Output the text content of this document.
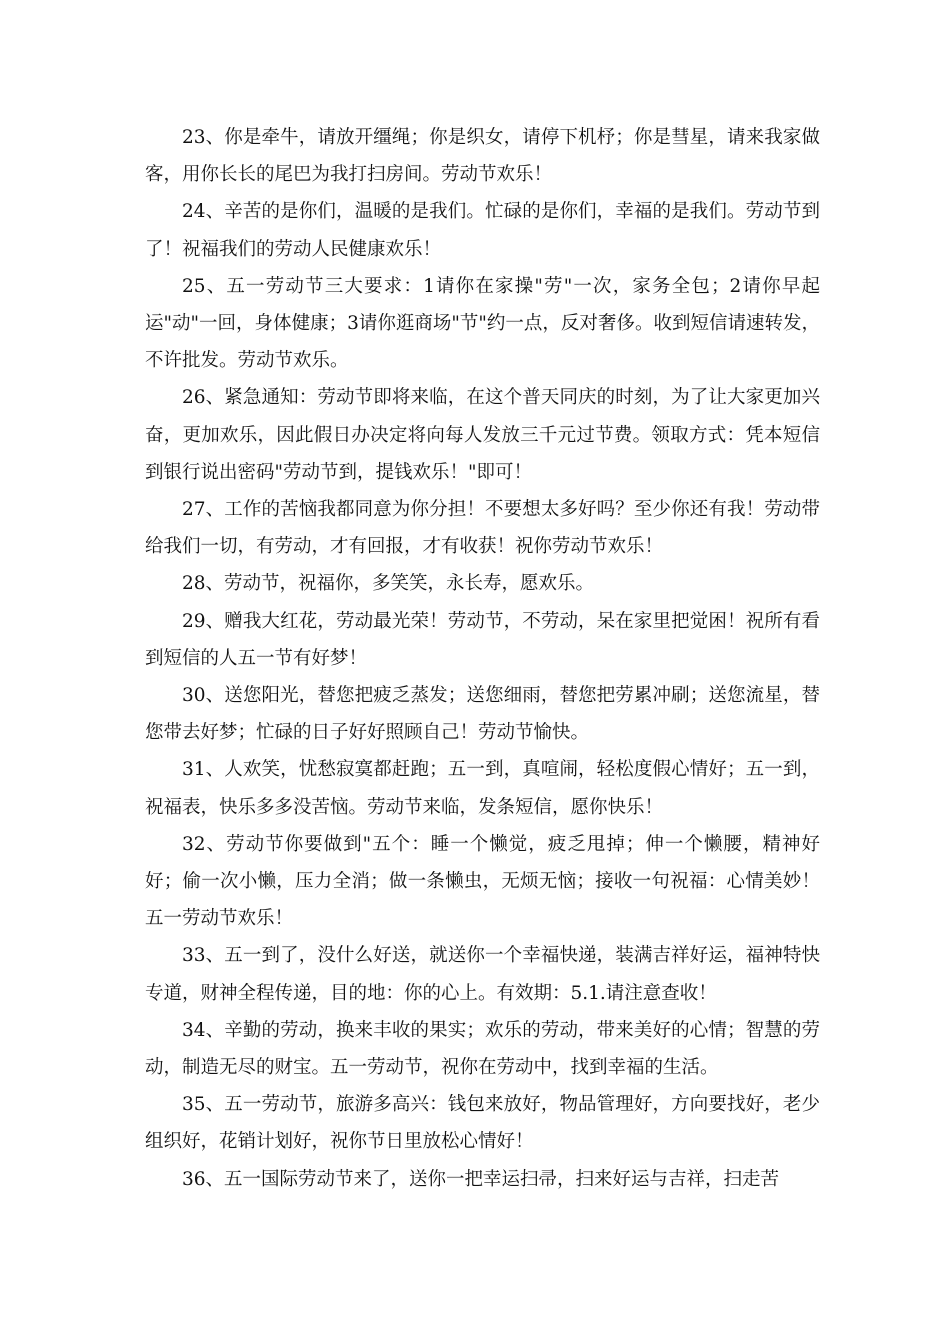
23、你是牵牛，请放开缰绳；你是织女，请停下机杼；你是彗星，请来我家做客，用你长长的尾巴为我打扫房间。劳动节欢乐！

24、辛苦的是你们，温暖的是我们。忙碌的是你们，幸福的是我们。劳动节到了！祝福我们的劳动人民健康欢乐！

25、五一劳动节三大要求：1请你在家操"劳"一次，家务全包；2请你早起运"动"一回，身体健康；3请你逛商场"节"约一点，反对奢侈。收到短信请速转发，不许批发。劳动节欢乐。

26、紧急通知：劳动节即将来临，在这个普天同庆的时刻，为了让大家更加兴奋，更加欢乐，因此假日办决定将向每人发放三千元过节费。领取方式：凭本短信到银行说出密码"劳动节到，提钱欢乐！"即可！

27、工作的苦恼我都同意为你分担！不要想太多好吗？至少你还有我！劳动带给我们一切，有劳动，才有回报，才有收获！祝你劳动节欢乐！

28、劳动节，祝福你，多笑笑，永长寿，愿欢乐。

29、赠我大红花，劳动最光荣！劳动节，不劳动，呆在家里把觉困！祝所有看到短信的人五一节有好梦！

30、送您阳光，替您把疲乏蒸发；送您细雨，替您把劳累冲刷；送您流星，替您带去好梦；忙碌的日子好好照顾自己！劳动节愉快。

31、人欢笑，忧愁寂寞都赶跑；五一到，真喧闹，轻松度假心情好；五一到，祝福表，快乐多多没苦恼。劳动节来临，发条短信，愿你快乐！

32、劳动节你要做到"五个：睡一个懒觉，疲乏甩掉；伸一个懒腰，精神好好；偷一次小懒，压力全消；做一条懒虫，无烦无恼；接收一句祝福：心情美妙！五一劳动节欢乐！

33、五一到了，没什么好送，就送你一个幸福快递，装满吉祥好运，福神特快专道，财神全程传递，目的地：你的心上。有效期：5.1.请注意查收！

34、辛勤的劳动，换来丰收的果实；欢乐的劳动，带来美好的心情；智慧的劳动，制造无尽的财宝。五一劳动节，祝你在劳动中，找到幸福的生活。

35、五一劳动节，旅游多高兴：钱包来放好，物品管理好，方向要找好，老少组织好，花销计划好，祝你节日里放松心情好！

36、五一国际劳动节来了，送你一把幸运扫帚，扫来好运与吉祥，扫走苦
